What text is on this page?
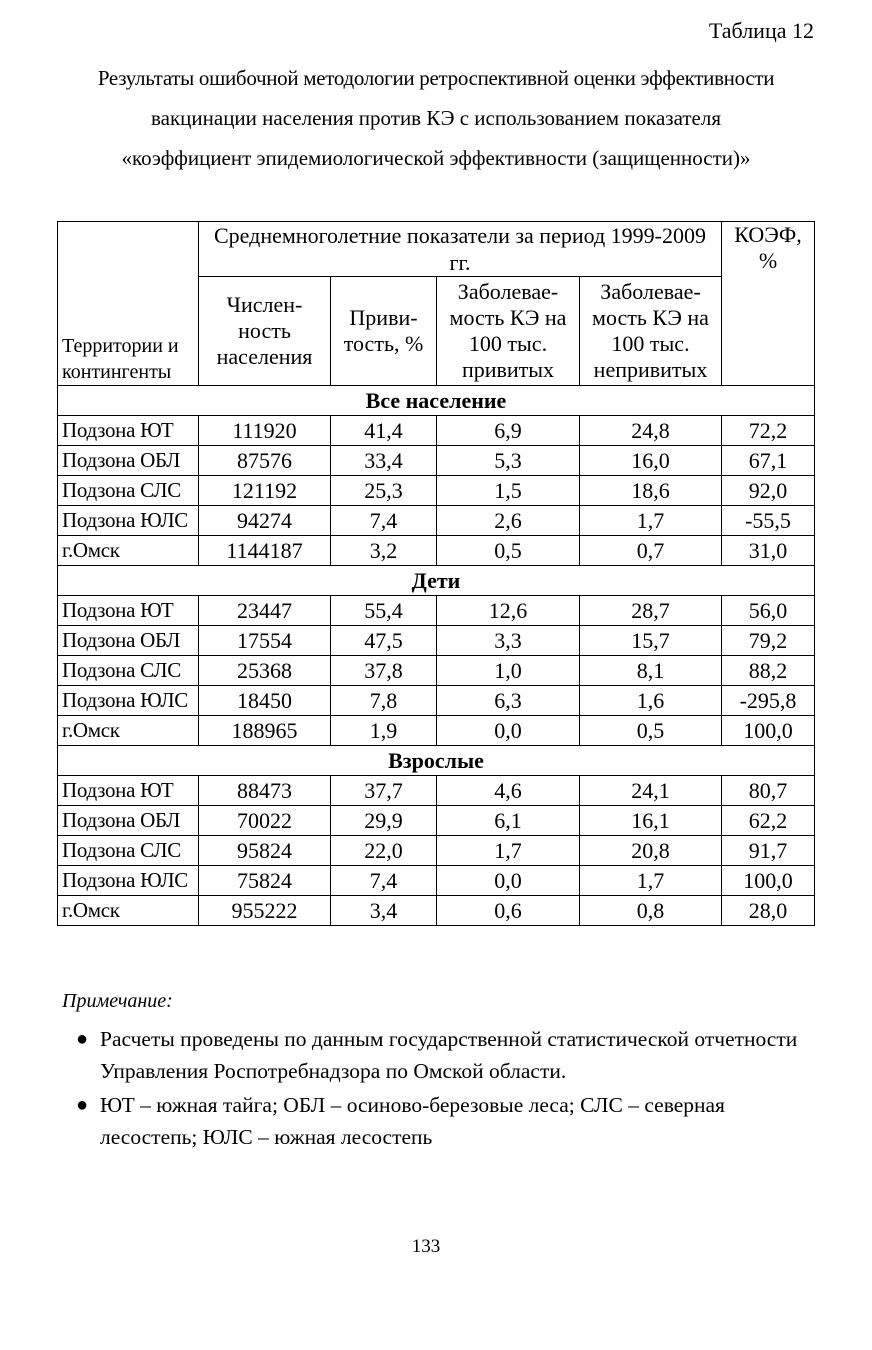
Таблица 12
Результаты ошибочной методологии ретроспективной оценки эффективности
вакцинации населения против КЭ с использованием показателя
«коэффициент эпидемиологической эффективности (защищенности)»
Территории и контингенты	Среднемноголетние показатели за период 1999-2009 гг.				КОЭФ, %
	Числен-ность населения	Приви-тость, %	Заболевае-мость КЭ на 100 тыс. привитых	Заболевае-мость КЭ на 100 тыс. непривитых	
Все население					
Подзона ЮТ	111920	41,4	6,9	24,8	72,2
Подзона ОБЛ	87576	33,4	5,3	16,0	67,1
Подзона СЛС	121192	25,3	1,5	18,6	92,0
Подзона ЮЛС	94274	7,4	2,6	1,7	-55,5
г.Омск	1144187	3,2	0,5	0,7	31,0
Дети					
Подзона ЮТ	23447	55,4	12,6	28,7	56,0
Подзона ОБЛ	17554	47,5	3,3	15,7	79,2
Подзона СЛС	25368	37,8	1,0	8,1	88,2
Подзона ЮЛС	18450	7,8	6,3	1,6	-295,8
г.Омск	188965	1,9	0,0	0,5	100,0
Взрослые					
Подзона ЮТ	88473	37,7	4,6	24,1	80,7
Подзона ОБЛ	70022	29,9	6,1	16,1	62,2
Подзона СЛС	95824	22,0	1,7	20,8	91,7
Подзона ЮЛС	75824	7,4	0,0	1,7	100,0
г.Омск	955222	3,4	0,6	0,8	28,0
Примечание:
● Расчеты проведены по данным государственной статистической отчетности Управления Роспотребнадзора по Омской области.
● ЮТ – южная тайга; ОБЛ – осиново-березовые леса; СЛС – северная лесостепь; ЮЛС – южная лесостепь
133
